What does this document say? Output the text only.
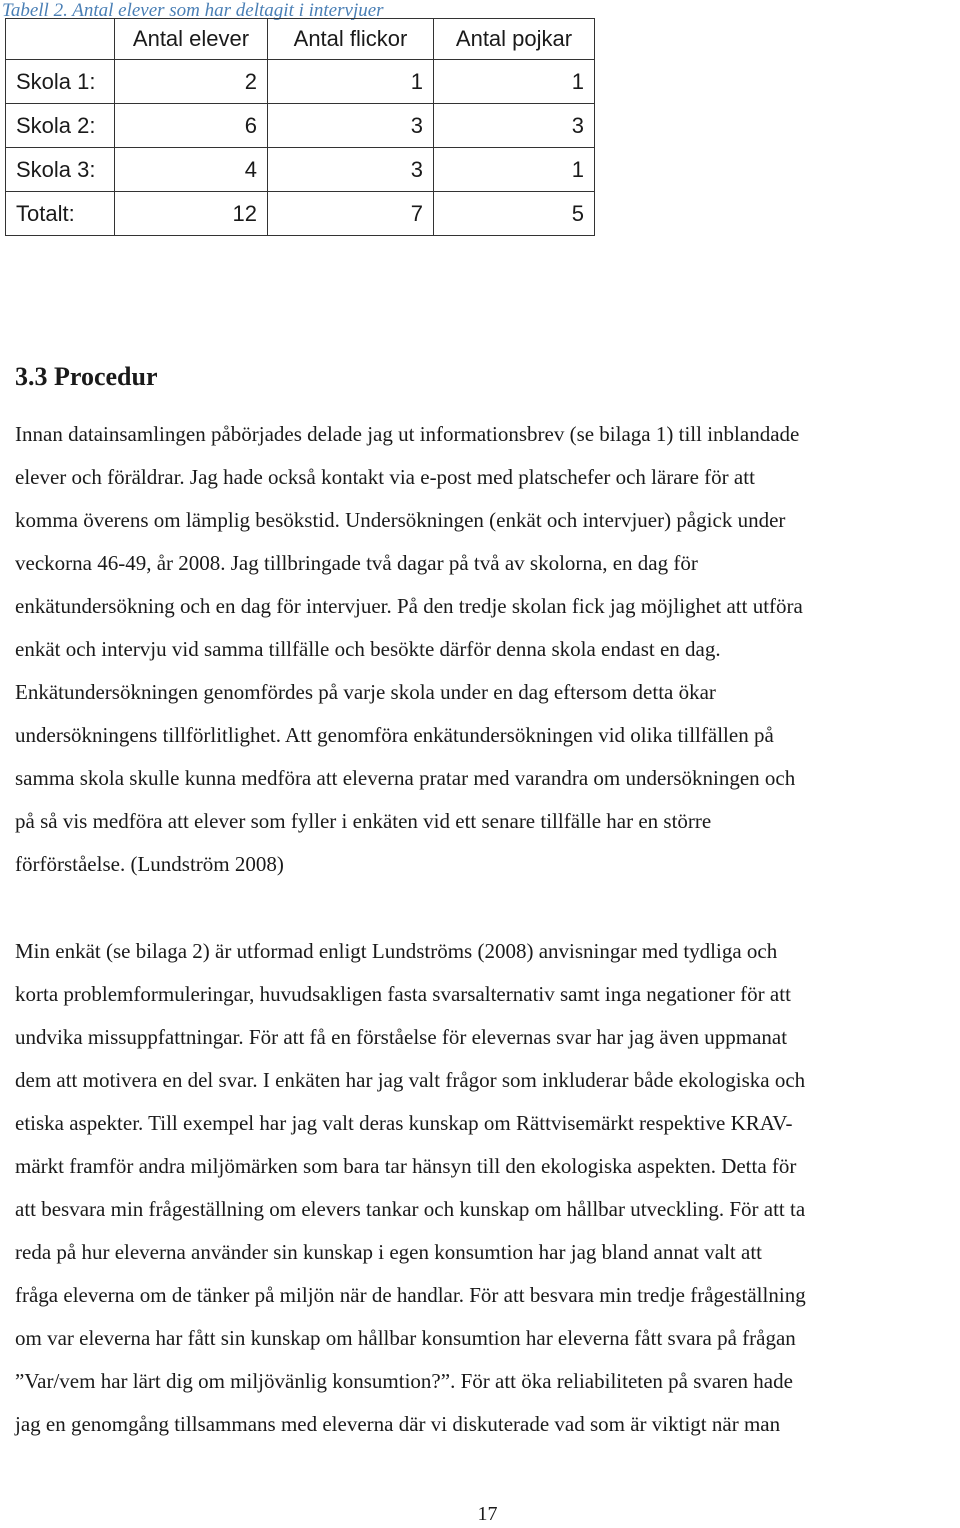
Tabell 2. Antal elever som har deltagit i intervjuer
	Antal elever	Antal flickor	Antal pojkar
Skola 1:	2	1	1
Skola 2:	6	3	3
Skola 3:	4	3	1
Totalt:	12	7	5
3.3 Procedur
Innan datainsamlingen påbörjades delade jag ut informationsbrev (se bilaga 1) till inblandade
elever och föräldrar. Jag hade också kontakt via e-post med platschefer och lärare för att
komma överens om lämplig besökstid. Undersökningen (enkät och intervjuer) pågick under
veckorna 46-49, år 2008. Jag tillbringade två dagar på två av skolorna, en dag för
enkätundersökning och en dag för intervjuer. På den tredje skolan fick jag möjlighet att utföra
enkät och intervju vid samma tillfälle och besökte därför denna skola endast en dag.
Enkätundersökningen genomfördes på varje skola under en dag eftersom detta ökar
undersökningens tillförlitlighet. Att genomföra enkätundersökningen vid olika tillfällen på
samma skola skulle kunna medföra att eleverna pratar med varandra om undersökningen och
på så vis medföra att elever som fyller i enkäten vid ett senare tillfälle har en större
förförståelse. (Lundström 2008)
Min enkät (se bilaga 2) är utformad enligt Lundströms (2008) anvisningar med tydliga och
korta problemformuleringar, huvudsakligen fasta svarsalternativ samt inga negationer för att
undvika missuppfattningar. För att få en förståelse för elevernas svar har jag även uppmanat
dem att motivera en del svar. I enkäten har jag valt frågor som inkluderar både ekologiska och
etiska aspekter. Till exempel har jag valt deras kunskap om Rättvisemärkt respektive KRAV-
märkt framför andra miljömärken som bara tar hänsyn till den ekologiska aspekten. Detta för
att besvara min frågeställning om elevers tankar och kunskap om hållbar utveckling. För att ta
reda på hur eleverna använder sin kunskap i egen konsumtion har jag bland annat valt att
fråga eleverna om de tänker på miljön när de handlar. För att besvara min tredje frågeställning
om var eleverna har fått sin kunskap om hållbar konsumtion har eleverna fått svara på frågan
”Var/vem har lärt dig om miljövänlig konsumtion?”. För att öka reliabiliteten på svaren hade
jag en genomgång tillsammans med eleverna där vi diskuterade vad som är viktigt när man
17
